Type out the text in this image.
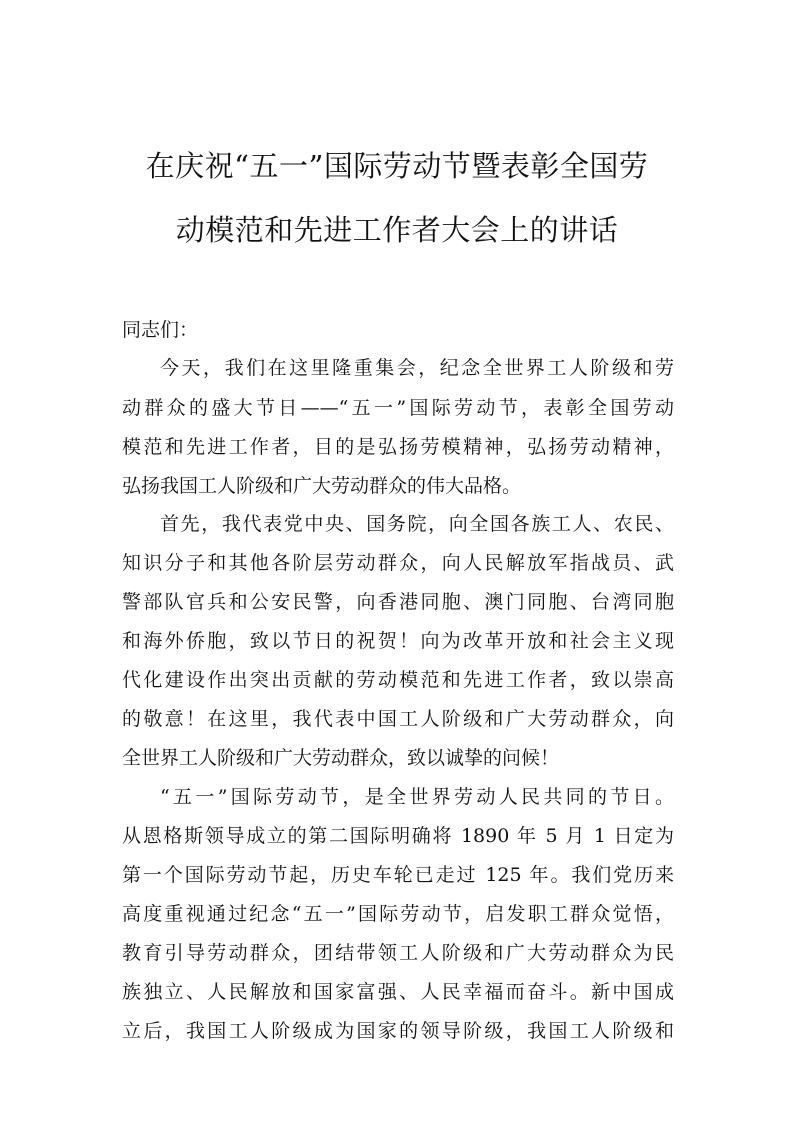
在庆祝“五一”国际劳动节暨表彰全国劳
动模范和先进工作者大会上的讲话
同志们：
今天，我们在这里隆重集会，纪念全世界工人阶级和劳
动群众的盛大节日——“五一”国际劳动节，表彰全国劳动
模范和先进工作者，目的是弘扬劳模精神，弘扬劳动精神，
弘扬我国工人阶级和广大劳动群众的伟大品格。
首先，我代表党中央、国务院，向全国各族工人、农民、
知识分子和其他各阶层劳动群众，向人民解放军指战员、武
警部队官兵和公安民警，向香港同胞、澳门同胞、台湾同胞
和海外侨胞，致以节日的祝贺！向为改革开放和社会主义现
代化建设作出突出贡献的劳动模范和先进工作者，致以崇高
的敬意！在这里，我代表中国工人阶级和广大劳动群众，向
全世界工人阶级和广大劳动群众，致以诚挚的问候！
“五一”国际劳动节，是全世界劳动人民共同的节日。
从恩格斯领导成立的第二国际明确将 1890 年 5 月 1 日定为
第一个国际劳动节起，历史车轮已走过 125 年。我们党历来
高度重视通过纪念“五一”国际劳动节，启发职工群众觉悟，
教育引导劳动群众，团结带领工人阶级和广大劳动群众为民
族独立、人民解放和国家富强、人民幸福而奋斗。新中国成
立后，我国工人阶级成为国家的领导阶级，我国工人阶级和
